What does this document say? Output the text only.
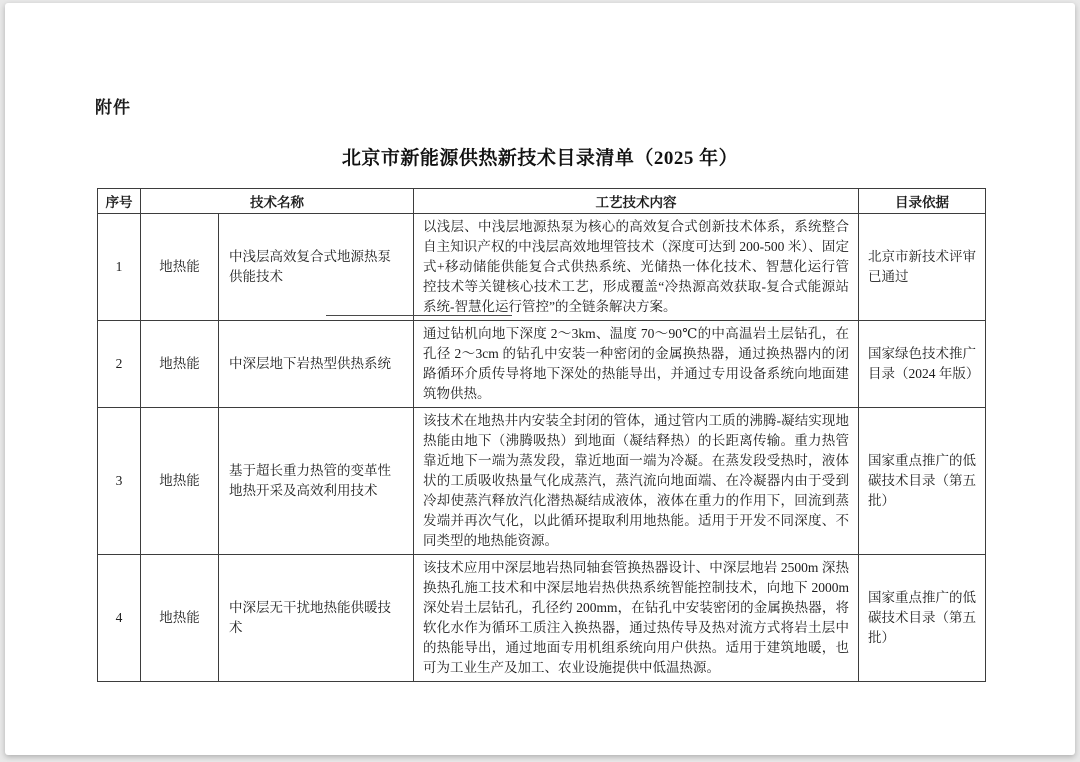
附件
北京市新能源供热新技术目录清单（2025 年）
序号	技术名称		工艺技术内容	目录依据
1	地热能	中浅层高效复合式地源热泵供能技术	以浅层、中浅层地源热泵为核心的高效复合式创新技术体系，系统整合自主知识产权的中浅层高效地埋管技术（深度可达到 200-500 米）、固定式+移动储能供能复合式供热系统、光储热一体化技术、智慧化运行管控技术等关键核心技术工艺，形成覆盖“冷热源高效获取-复合式能源站系统-智慧化运行管控”的全链条解决方案。	北京市新技术评审已通过
2	地热能	中深层地下岩热型供热系统	通过钻机向地下深度 2～3km、温度 70～90℃的中高温岩土层钻孔，在孔径 2～3cm 的钻孔中安装一种密闭的金属换热器，通过换热器内的闭路循环介质传导将地下深处的热能导出，并通过专用设备系统向地面建筑物供热。	国家绿色技术推广目录（2024 年版）
3	地热能	基于超长重力热管的变革性地热开采及高效利用技术	该技术在地热井内安装全封闭的管体，通过管内工质的沸腾-凝结实现地热能由地下（沸腾吸热）到地面（凝结释热）的长距离传输。重力热管靠近地下一端为蒸发段，靠近地面一端为冷凝。在蒸发段受热时，液体状的工质吸收热量气化成蒸汽，蒸汽流向地面端、在冷凝器内由于受到冷却使蒸汽释放汽化潜热凝结成液体，液体在重力的作用下，回流到蒸发端并再次气化，以此循环提取利用地热能。适用于开发不同深度、不同类型的地热能资源。	国家重点推广的低碳技术目录（第五批）
4	地热能	中深层无干扰地热能供暖技术	该技术应用中深层地岩热同轴套管换热器设计、中深层地岩 2500m 深热换热孔施工技术和中深层地岩热供热系统智能控制技术，向地下 2000m 深处岩土层钻孔，孔径约 200mm，在钻孔中安装密闭的金属换热器，将软化水作为循环工质注入换热器，通过热传导及热对流方式将岩土层中的热能导出，通过地面专用机组系统向用户供热。适用于建筑地暖，也可为工业生产及加工、农业设施提供中低温热源。	国家重点推广的低碳技术目录（第五批）
